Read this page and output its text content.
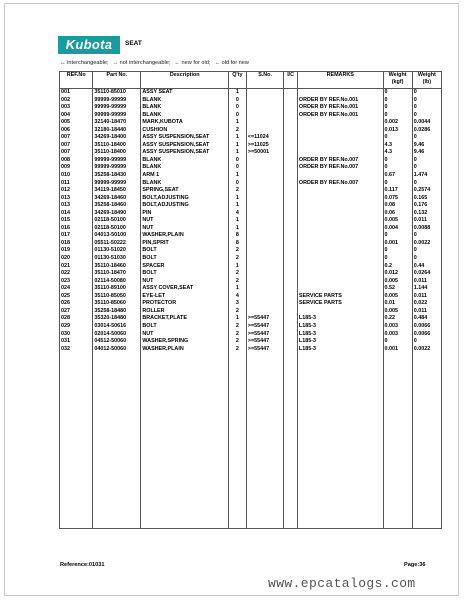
Kubota	SEAT
↔ interchangeable; → not interchangeable; ← new for old; ← old for new
REF.No	Part No.	Description	Q'ty	S.No.	I/C	REMARKS	Weight (kgf)	Weight (lb)
001	35110-85010	ASSY SEAT	1				0	0
002	99999-99999	BLANK	0			ORDER BY REF.No.001	0	0
003	99999-99999	BLANK	0			ORDER BY REF.No.001	0	0
004	99999-99999	BLANK	0			ORDER BY REF.No.001	0	0
005	32140-18470	MARK,KUBOTA	1				0.002	0.0044
006	32180-18440	CUSHION	2				0.013	0.0286
007	34269-18400	ASSY SUSPENSION,SEAT	1	<=11024			0	0
007	35110-18400	ASSY SUSPENSION,SEAT	1	>=11025			4.3	9.46
007	35110-18400	ASSY SUSPENSION,SEAT	1	>=50001			4.3	9.46
008	99999-99999	BLANK	0			ORDER BY REF.No.007	0	0
009	99999-99999	BLANK	0			ORDER BY REF.No.007	0	0
010	35258-18430	ARM 1	1				0.67	1.474
011	99999-99999	BLANK	0			ORDER BY REF.No.007	0	0
012	34119-18450	SPRING,SEAT	2				0.117	0.2574
013	34269-18460	BOLT,ADJUSTING	1				0.075	0.165
013	35258-18460	BOLT,ADJUSTING	1				0.08	0.176
014	34269-18490	PIN	4				0.06	0.132
015	02118-50100	NUT	1				0.005	0.011
016	02118-50100	NUT	1				0.004	0.0088
017	04013-50100	WASHER,PLAIN	8				0	0
018	05511-50222	PIN,SPRIT	8				0.001	0.0022
019	01130-51020	BOLT	2				0	0
020	01130-51030	BOLT	2				0	0
021	35110-18460	SPACER	1				0.2	0.44
022	35110-18470	BOLT	2				0.012	0.0264
023	02114-50080	NUT	2				0.005	0.011
024	35110-89100	ASSY COVER,SEAT	1				0.52	1.144
025	35110-85050	EYE-LET	4			SERVICE PARTS	0.005	0.011
026	35110-85060	PROTECTOR	3			SERVICE PARTS	0.01	0.022
027	35258-18480	ROLLER	2				0.005	0.011
028	35320-18480	BRACKET,PLATE	1	>=55447		L185-3	0.22	0.484
029	03014-50616	BOLT	2	>=55447		L185-3	0.003	0.0066
030	02014-50060	NUT	2	>=55447		L185-3	0.003	0.0066
031	04512-50060	WASHER,SPRING	2	>=55447		L185-3	0	0
032	04012-50060	WASHER,PLAIN	2	>=55447		L185-3	0.001	0.0022

Reference:01031	Page:36
www.epcatalogs.com
